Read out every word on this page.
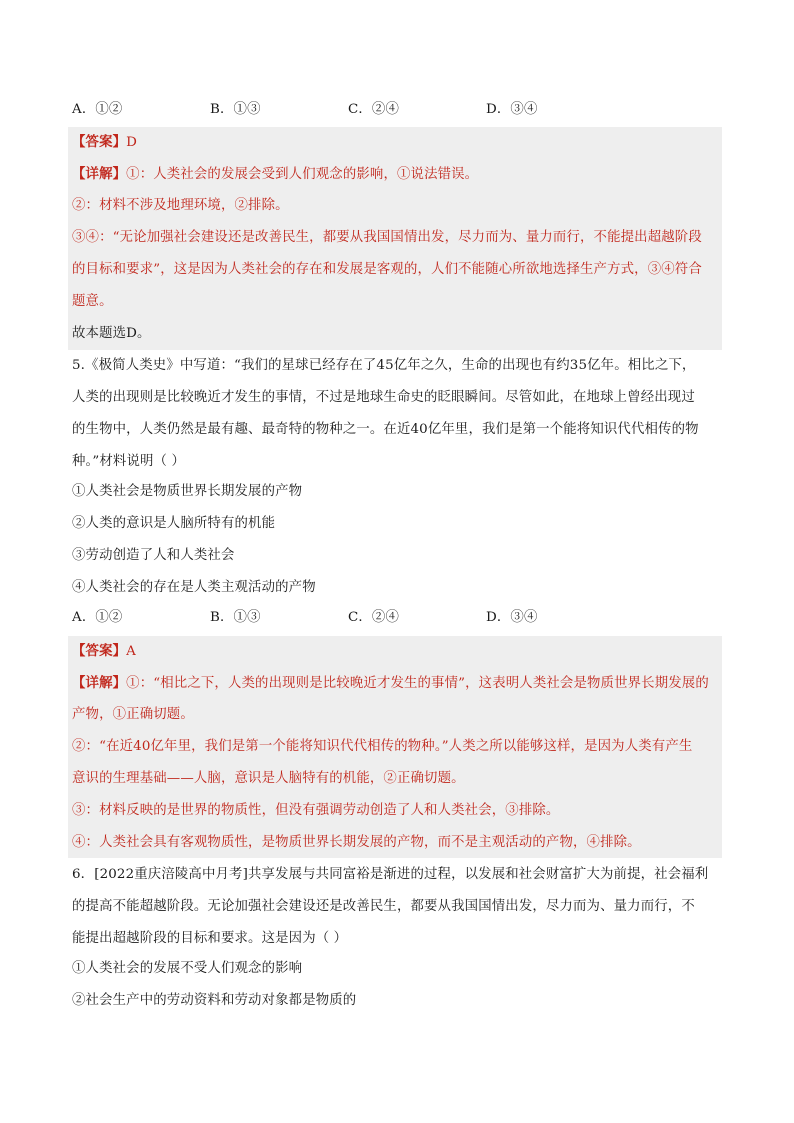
A．①②	B．①③	C．②④	D．③④
【答案】D
【详解】①：人类社会的发展会受到人们观念的影响，①说法错误。
②：材料不涉及地理环境，②排除。
③④：“无论加强社会建设还是改善民生，都要从我国国情出发，尽力而为、量力而行，不能提出超越阶段
的目标和要求”，这是因为人类社会的存在和发展是客观的，人们不能随心所欲地选择生产方式，③④符合
题意。
故本题选D。
5.《极简人类史》中写道：“我们的星球已经存在了45亿年之久，生命的出现也有约35亿年。相比之下，
人类的出现则是比较晚近才发生的事情，不过是地球生命史的眨眼瞬间。尽管如此，在地球上曾经出现过
的生物中，人类仍然是最有趣、最奇特的物种之一。在近40亿年里，我们是第一个能将知识代代相传的物
种。”材料说明（ ）
①人类社会是物质世界长期发展的产物
②人类的意识是人脑所特有的机能
③劳动创造了人和人类社会
④人类社会的存在是人类主观活动的产物
A．①②	B．①③	C．②④	D．③④
【答案】A
【详解】①：“相比之下，人类的出现则是比较晚近才发生的事情”，这表明人类社会是物质世界长期发展的
产物，①正确切题。
②：“在近40亿年里，我们是第一个能将知识代代相传的物种。”人类之所以能够这样，是因为人类有产生
意识的生理基础——人脑，意识是人脑特有的机能，②正确切题。
③：材料反映的是世界的物质性，但没有强调劳动创造了人和人类社会，③排除。
④：人类社会具有客观物质性，是物质世界长期发展的产物，而不是主观活动的产物，④排除。
6．[2022重庆涪陵高中月考]共享发展与共同富裕是渐进的过程，以发展和社会财富扩大为前提，社会福利
的提高不能超越阶段。无论加强社会建设还是改善民生，都要从我国国情出发，尽力而为、量力而行，不
能提出超越阶段的目标和要求。这是因为（ ）
①人类社会的发展不受人们观念的影响
②社会生产中的劳动资料和劳动对象都是物质的
